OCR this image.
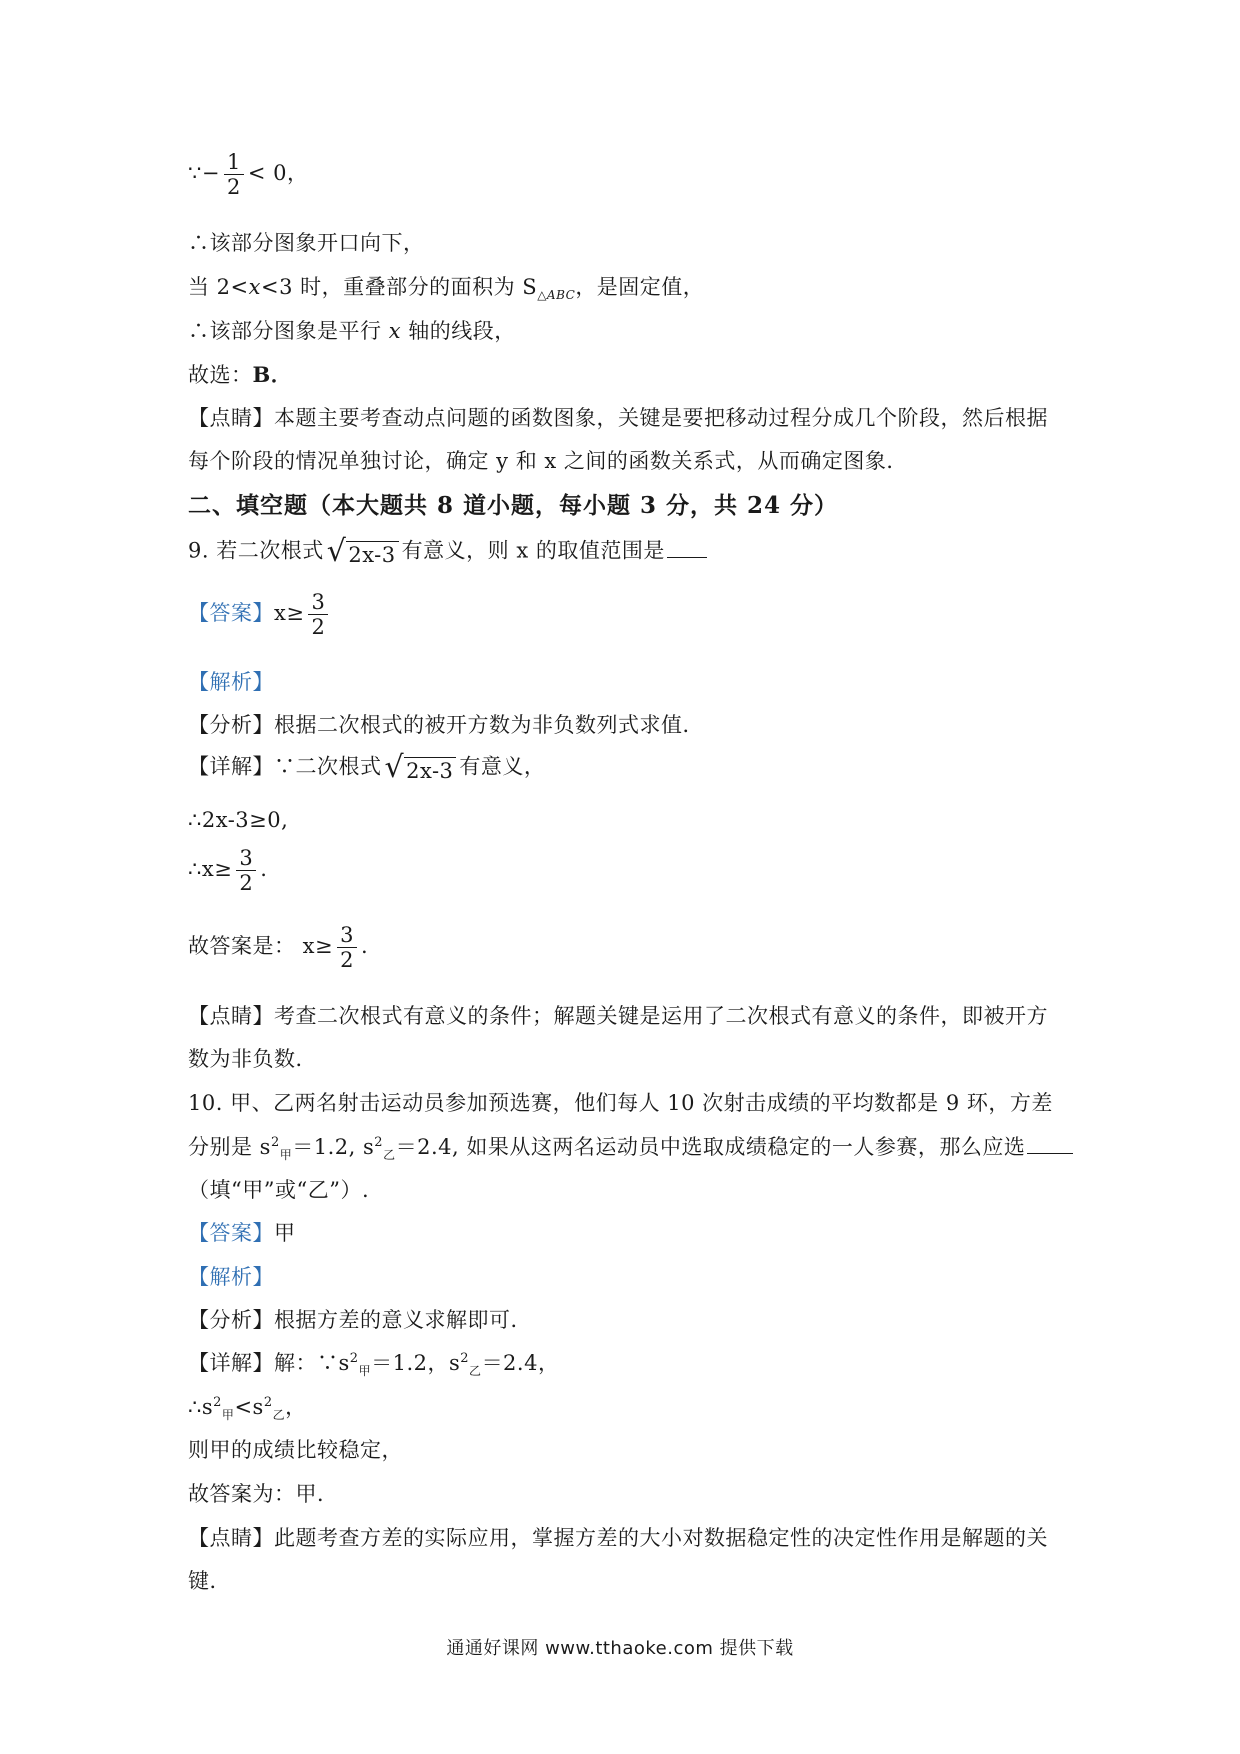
∵− $\frac{1}{2} < 0$，
∴该部分图象开口向下，
当 2<x<3 时，重叠部分的面积为 $S_{\triangle ABC}$，是固定值，
∴该部分图象是平行 x 轴的线段，
故选：B．
【点睛】本题主要考查动点问题的函数图象，关键是要把移动过程分成几个阶段，然后根据
每个阶段的情况单独讨论，确定 y 和 x 之间的函数关系式，从而确定图象．
二、填空题（本大题共 8 道小题，每小题 3 分，共 24 分）
9. 若二次根式 √ 2x-3 有意义，则 x 的取值范围是
【答案】$x\ge \frac{3}{2}$
【解析】
【分析】根据二次根式的被开方数为非负数列式求值．
【详解】∵二次根式 √ 2x-3 有意义，
∴2x-3≥0,
∴x≥ $\frac{3}{2}$ .
故答案是： $x\ge \frac{3}{2}$ .
【点睛】考查二次根式有意义的条件；解题关键是运用了二次根式有意义的条件，即被开方
数为非负数．
10. 甲、乙两名射击运动员参加预选赛，他们每人 10 次射击成绩的平均数都是 9 环，方差
分别是 $s^2_甲=1.2$, $s^2_乙=2.4$, 如果从这两名运动员中选取成绩稳定的一人参赛，那么应选
（填“甲”或“乙”）.
【答案】甲
【解析】
【分析】根据方差的意义求解即可．
【详解】解：$\because s^2_甲=1.2$，$s^2_乙=2.4$，
$\therefore s^2_甲<s^2_乙$，
则甲的成绩比较稳定，
故答案为：甲．
【点睛】此题考查方差的实际应用，掌握方差的大小对数据稳定性的决定性作用是解题的关
键．
通通好课网 www.tthaoke.com 提供下载
